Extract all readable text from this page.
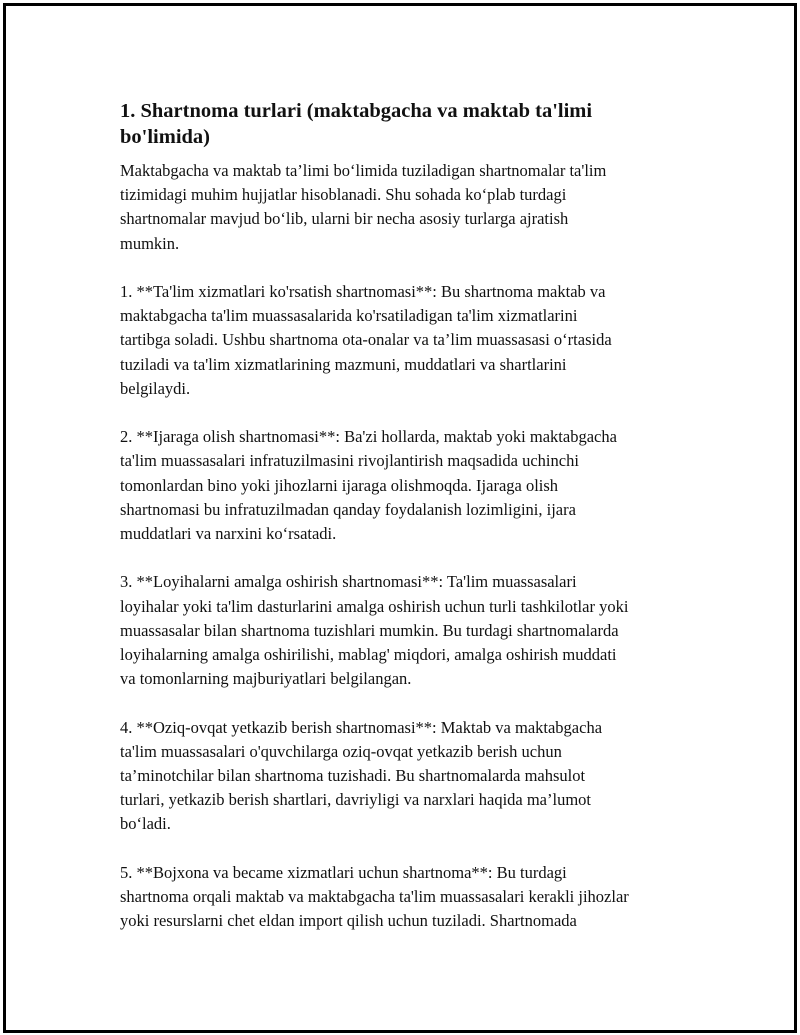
1. Shartnoma turlari (maktabgacha va maktab ta'limi
bo'limida)

Maktabgacha va maktab ta’limi bo‘limida tuziladigan shartnomalar ta'lim
tizimidagi muhim hujjatlar hisoblanadi. Shu sohada ko‘plab turdagi
shartnomalar mavjud bo‘lib, ularni bir necha asosiy turlarga ajratish
mumkin.

1. **Ta'lim xizmatlari ko'rsatish shartnomasi**: Bu shartnoma maktab va
maktabgacha ta'lim muassasalarida ko'rsatiladigan ta'lim xizmatlarini
tartibga soladi. Ushbu shartnoma ota-onalar va ta’lim muassasasi o‘rtasida
tuziladi va ta'lim xizmatlarining mazmuni, muddatlari va shartlarini
belgilaydi.

2. **Ijaraga olish shartnomasi**: Ba'zi hollarda, maktab yoki maktabgacha
ta'lim muassasalari infratuzilmasini rivojlantirish maqsadida uchinchi
tomonlardan bino yoki jihozlarni ijaraga olishmoqda. Ijaraga olish
shartnomasi bu infratuzilmadan qanday foydalanish lozimligini, ijara
muddatlari va narxini ko‘rsatadi.

3. **Loyihalarni amalga oshirish shartnomasi**: Ta'lim muassasalari
loyihalar yoki ta'lim dasturlarini amalga oshirish uchun turli tashkilotlar yoki
muassasalar bilan shartnoma tuzishlari mumkin. Bu turdagi shartnomalarda
loyihalarning amalga oshirilishi, mablag' miqdori, amalga oshirish muddati
va tomonlarning majburiyatlari belgilangan.

4. **Oziq-ovqat yetkazib berish shartnomasi**: Maktab va maktabgacha
ta'lim muassasalari o'quvchilarga oziq-ovqat yetkazib berish uchun
ta’minotchilar bilan shartnoma tuzishadi. Bu shartnomalarda mahsulot
turlari, yetkazib berish shartlari, davriyligi va narxlari haqida ma’lumot
bo‘ladi.

5. **Bojxona va became xizmatlari uchun shartnoma**: Bu turdagi
shartnoma orqali maktab va maktabgacha ta'lim muassasalari kerakli jihozlar
yoki resurslarni chet eldan import qilish uchun tuziladi. Shartnomada
